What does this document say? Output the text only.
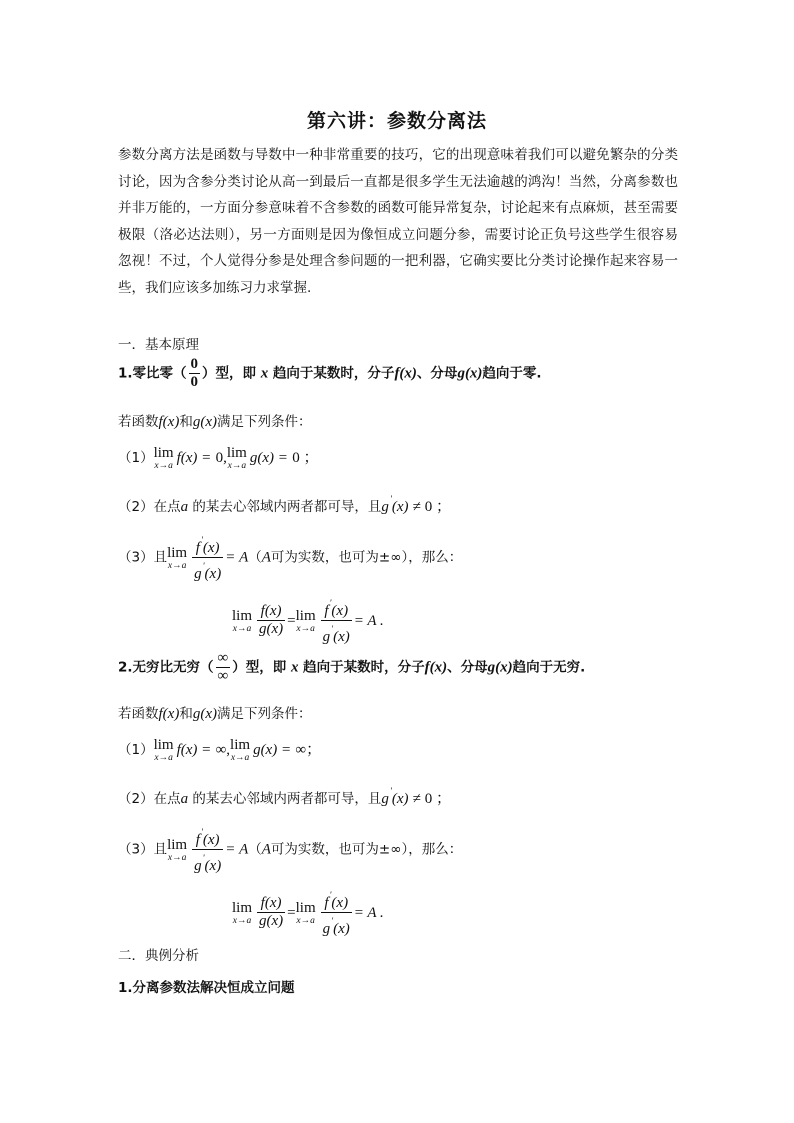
第六讲：参数分离法
参数分离方法是函数与导数中一种非常重要的技巧，它的出现意味着我们可以避免繁杂的分类讨论，因为含参分类讨论从高一到最后一直都是很多学生无法逾越的鸿沟！当然，分离参数也并非万能的，一方面分参意味着不含参数的函数可能异常复杂，讨论起来有点麻烦，甚至需要极限（洛必达法则），另一方面则是因为像恒成立问题分参，需要讨论正负号这些学生很容易忽视！不过，个人觉得分参是处理含参问题的一把利器，它确实要比分类讨论操作起来容易一些，我们应该多加练习力求掌握.
一．基本原理
1.零比零（ $\frac{0}{0}$ ）型，即 x 趋向于某数时，分子f(x)、分母g(x)趋向于零.
若函数f(x)和g(x)满足下列条件：
（1） lim
x→a f(x) = 0, lim
x→a g(x) = 0 ；
（2）在点a 的某去心邻域内两者都可导，且g'(x) ≠ 0 ；
（3）且 lim
$x\to a \frac{f'(x)}{g'(x)} = A(A$可为实数，也可为±∞），那么：
lim
$x\to a \frac{f(x)}{g(x)} = \lim$
$x\to a \frac{f'(x)}{g'(x)} = A$ .
2.无穷比无穷（ $\frac{\infty}{\infty}$ ）型，即 x 趋向于某数时，分子f(x)、分母g(x)趋向于无穷.
若函数f(x)和g(x)满足下列条件：
（1） lim
x→a f(x) = ∞, lim
x→a g(x) = ∞；
（2）在点a 的某去心邻域内两者都可导，且g'(x) ≠ 0 ；
（3）且 lim
$x\to a \frac{f'(x)}{g'(x)} = A(A$可为实数，也可为±∞），那么：
lim
$x\to a \frac{f(x)}{g(x)} = \lim$
$x\to a \frac{f'(x)}{g'(x)} = A$ .
二．典例分析
1.分离参数法解决恒成立问题
